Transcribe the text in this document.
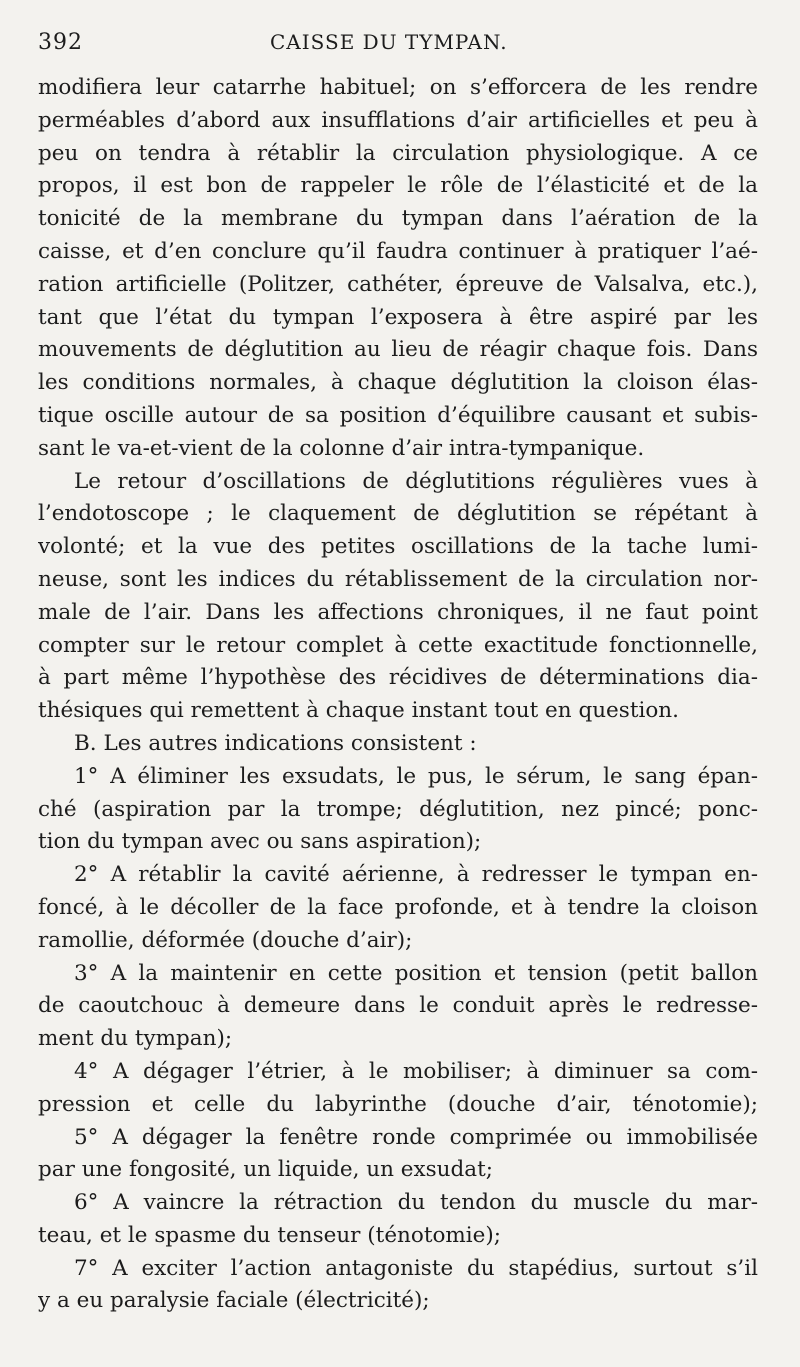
392	CAISSE DU TYMPAN.
modifiera leur catarrhe habituel; on s’efforcera de les rendre
perméables d’abord aux insufflations d’air artificielles et peu à
peu on tendra à rétablir la circulation physiologique. A ce
propos, il est bon de rappeler le rôle de l’élasticité et de la
tonicité de la membrane du tympan dans l’aération de la
caisse, et d’en conclure qu’il faudra continuer à pratiquer l’aé-
ration artificielle (Politzer, cathéter, épreuve de Valsalva, etc.),
tant que l’état du tympan l’exposera à être aspiré par les
mouvements de déglutition au lieu de réagir chaque fois. Dans
les conditions normales, à chaque déglutition la cloison élas-
tique oscille autour de sa position d’équilibre causant et subis-
sant le va-et-vient de la colonne d’air intra-tympanique.
Le retour d’oscillations de déglutitions régulières vues à
l’endotoscope ; le claquement de déglutition se répétant à
volonté; et la vue des petites oscillations de la tache lumi-
neuse, sont les indices du rétablissement de la circulation nor-
male de l’air. Dans les affections chroniques, il ne faut point
compter sur le retour complet à cette exactitude fonctionnelle,
à part même l’hypothèse des récidives de déterminations dia-
thésiques qui remettent à chaque instant tout en question.
B. Les autres indications consistent :
1° A éliminer les exsudats, le pus, le sérum, le sang épan-
ché (aspiration par la trompe; déglutition, nez pincé; ponc-
tion du tympan avec ou sans aspiration);
2° A rétablir la cavité aérienne, à redresser le tympan en-
foncé, à le décoller de la face profonde, et à tendre la cloison
ramollie, déformée (douche d’air);
3° A la maintenir en cette position et tension (petit ballon
de caoutchouc à demeure dans le conduit après le redresse-
ment du tympan);
4° A dégager l’étrier, à le mobiliser; à diminuer sa com-
pression et celle du labyrinthe (douche d’air, ténotomie);
5° A dégager la fenêtre ronde comprimée ou immobilisée
par une fongosité, un liquide, un exsudat;
6° A vaincre la rétraction du tendon du muscle du mar-
teau, et le spasme du tenseur (ténotomie);
7° A exciter l’action antagoniste du stapédius, surtout s’il
y a eu paralysie faciale (électricité);
